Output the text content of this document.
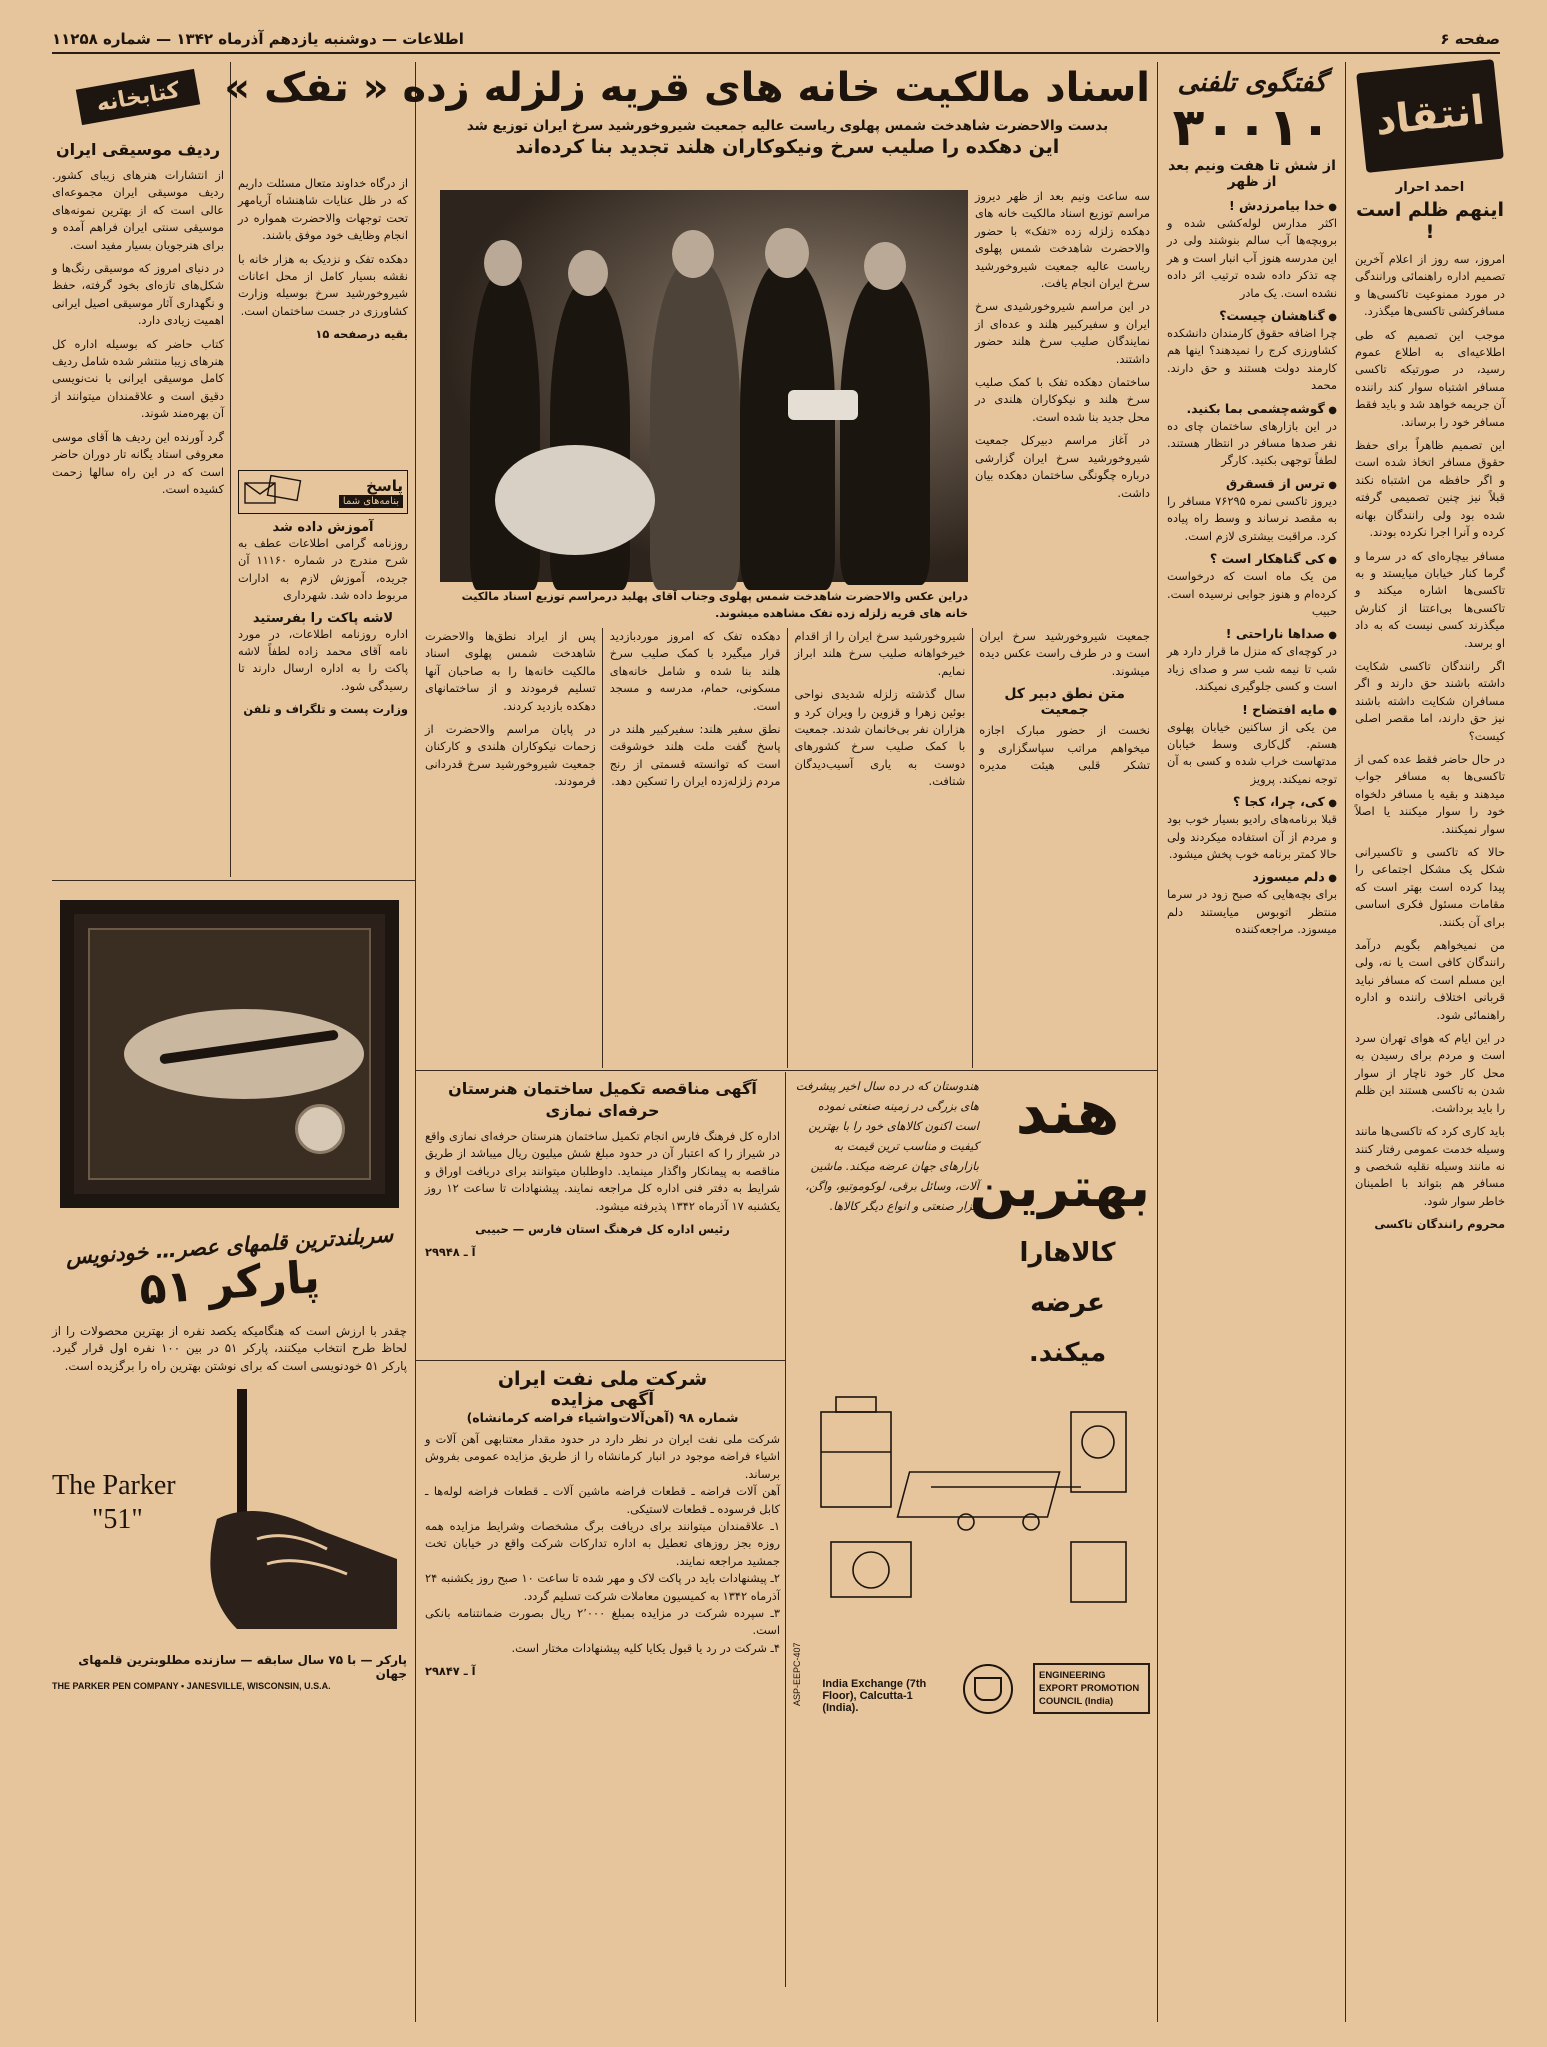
صفحه ۶
اطلاعات — دوشنبه یازدهم آذرماه ۱۳۴۲ — شماره ۱۱۲۵۸
انتقاد
احمد احرار
اینهم ظلم است !

امروز، سه روز از اعلام آخرین تصمیم اداره راهنمائی ورانندگی در مورد ممنوعیت تاکسی‌ها و مسافرکشی تاکسی‌ها میگذرد.

موجب این تصمیم که طی اطلاعیه‌ای به اطلاع عموم رسید، در صورتیکه تاکسی مسافر اشتباه سوار کند راننده آن جریمه خواهد شد و باید فقط مسافر خود را برساند.

این تصمیم ظاهراً برای حفظ حقوق مسافر اتخاذ شده است و اگر حافظه من اشتباه نکند قبلاً نیز چنین تصمیمی گرفته شده بود ولی رانندگان بهانه کرده و آنرا اجرا نکرده بودند.

مسافر بیچاره‌ای که در سرما و گرما کنار خیابان میایستد و به تاکسی‌ها اشاره میکند و تاکسی‌ها بی‌اعتنا از کنارش میگذرند کسی نیست که به داد او برسد.

اگر رانندگان تاکسی شکایت داشته باشند حق دارند و اگر مسافران شکایت داشته باشند نیز حق دارند، اما مقصر اصلی کیست؟

در حال حاضر فقط عده کمی از تاکسی‌ها به مسافر جواب میدهند و بقیه یا مسافر دلخواه خود را سوار میکنند یا اصلاً سوار نمیکنند.

حالا که تاکسی و تاکسیرانی شکل یک مشکل اجتماعی را پیدا کرده است بهتر است که مقامات مسئول فکری اساسی برای آن بکنند.

من نمیخواهم بگویم درآمد رانندگان کافی است یا نه، ولی این مسلم است که مسافر نباید قربانی اختلاف راننده و اداره راهنمائی شود.

در این ایام که هوای تهران سرد است و مردم برای رسیدن به محل کار خود ناچار از سوار شدن به تاکسی هستند این ظلم را باید برداشت.

باید کاری کرد که تاکسی‌ها مانند وسیله خدمت عمومی رفتار کنند نه مانند وسیله نقلیه شخصی و مسافر هم بتواند با اطمینان خاطر سوار شود.

محروم رانندگان تاکسی

گفتگوی تلفنی
۳۰۰۱۰
از شش تا هفت ونیم بعد از ظهر
● خدا بیامرزدش !

اکثر مدارس لوله‌کشی شده و بروبچه‌ها آب سالم بنوشند ولی در این مدرسه هنوز آب انبار است و هر چه تذکر داده شده ترتیب اثر داده نشده است. یک مادر

● گناهشان چیست؟

چرا اضافه حقوق کارمندان دانشکده کشاورزی کرج را نمیدهند؟ اینها هم کارمند دولت هستند و حق دارند. محمد

● گوشه‌چشمی بما بکنید.

در این بازارهای ساختمان چای ده نفر صدها مسافر در انتظار هستند. لطفاً توجهی بکنید. کارگر

● ترس از قسقرق

دیروز تاکسی نمره ۷۶۲۹۵ مسافر را به مقصد نرساند و وسط راه پیاده کرد. مراقبت بیشتری لازم است.

● کی گناهکار است ؟

من یک ماه است که درخواست کرده‌ام و هنوز جوابی نرسیده است. حبیب

● صداها ناراحتی !

در کوچه‌ای که منزل ما قرار دارد هر شب تا نیمه شب سر و صدای زیاد است و کسی جلوگیری نمیکند.

● مایه افتضاح !

من یکی از ساکنین خیابان پهلوی هستم. گل‌کاری وسط خیابان مدتهاست خراب شده و کسی به آن توجه نمیکند. پرویز

● کی، چرا، کجا ؟

قبلا برنامه‌های رادیو بسیار خوب بود و مردم از آن استفاده میکردند ولی حالا کمتر برنامه خوب پخش میشود.

● دلم میسوزد

برای بچه‌هایی که صبح زود در سرما منتظر اتوبوس میایستند دلم میسوزد. مراجعه‌کننده

اسناد مالکیت خانه های قریه زلزله زده « تفک »
بدست والاحضرت شاهدخت شمس پهلوی ریاست عالیه جمعیت شیروخورشید سرخ ایران توزیع شد
این دهکده را صلیب سرخ ونیکوکاران هلند تجدید بنا کرده‌اند

سه ساعت ونیم بعد از ظهر دیروز مراسم توزیع اسناد مالکیت خانه های دهکده زلزله زده «تفک» با حضور والاحضرت شاهدخت شمس پهلوی ریاست عالیه جمعیت شیروخورشید سرخ ایران انجام یافت.

در این مراسم شیروخورشیدی سرخ ایران و سفیرکبیر هلند و عده‌ای از نمایندگان صلیب سرخ هلند حضور داشتند.

ساختمان دهکده تفک با کمک صلیب سرخ هلند و نیکوکاران هلندی در محل جدید بنا شده است.

در آغاز مراسم دبیرکل جمعیت شیروخورشید سرخ ایران گزارشی درباره چگونگی ساختمان دهکده بیان داشت.

دراین عکس والاحضرت شاهدخت شمس پهلوی وجناب آقای پهلبد درمراسم توزیع اسناد مالکیت خانه های قریه زلزله زده تفک مشاهده میشوند.

از درگاه خداوند متعال مسئلت داریم که در ظل عنایات شاهنشاه آریامهر تحت توجهات والاحضرت همواره در انجام وظایف خود موفق باشند.

دهکده تفک و نزدیک به هزار خانه با نقشه بسیار کامل از محل اعانات شیروخورشید سرخ بوسیله وزارت کشاورزی در جست ساختمان است.

بقیه درصفحه ۱۵

جمعیت شیروخورشید سرخ ایران است و در طرف راست عکس دیده میشوند.

متن نطق دبیر کل جمعیت

نخست از حضور مبارک اجازه میخواهم مراتب سپاسگزاری و تشکر قلبی هیئت مدیره شیروخورشید سرخ ایران را از اقدام خیرخواهانه صلیب سرخ هلند ابراز نمایم.

سال گذشته زلزله شدیدی نواحی بوئین زهرا و قزوین را ویران کرد و هزاران نفر بی‌خانمان شدند. جمعیت با کمک صلیب سرخ کشورهای دوست به یاری آسیب‌دیدگان شتافت.

دهکده تفک که امروز موردبازدید قرار میگیرد با کمک صلیب سرخ هلند بنا شده و شامل خانه‌های مسکونی، حمام، مدرسه و مسجد است.

نطق سفیر هلند: سفیرکبیر هلند در پاسخ گفت ملت هلند خوشوقت است که توانسته قسمتی از رنج مردم زلزله‌زده ایران را تسکین دهد.

پس از ایراد نطق‌ها والاحضرت شاهدخت شمس پهلوی اسناد مالکیت خانه‌ها را به صاحبان آنها تسلیم فرمودند و از ساختمانهای دهکده بازدید کردند.

در پایان مراسم والاحضرت از زحمات نیکوکاران هلندی و کارکنان جمعیت شیروخورشید سرخ قدردانی فرمودند.

آگهی مناقصه تکمیل ساختمان هنرستان حرفه‌ای نمازی

اداره کل فرهنگ فارس انجام تکمیل ساختمان هنرستان حرفه‌ای نمازی واقع در شیراز را که اعتبار آن در حدود مبلغ شش میلیون ریال میباشد از طریق مناقصه به پیمانکار واگذار مینماید. داوطلبان میتوانند برای دریافت اوراق و شرایط به دفتر فنی اداره کل مراجعه نمایند. پیشنهادات تا ساعت ۱۲ روز یکشنبه ۱۷ آذرماه ۱۳۴۲ پذیرفته میشود.

رئیس اداره کل فرهنگ استان فارس — حبیبی

آ ـ ۲۹۹۴۸

شرکت ملی نفت ایران
آگهی مزایده
شماره ۹۸ (آهن‌آلات‌واشیاء فراضه کرمانشاه)

شرکت ملی نفت ایران در نظر دارد در حدود مقدار معتنابهی آهن آلات و اشیاء فراضه موجود در انبار کرمانشاه را از طریق مزایده عمومی بفروش برساند.
آهن آلات فراضه ـ قطعات فراضه ماشین آلات ـ قطعات فراضه لوله‌ها ـ کابل فرسوده ـ قطعات لاستیکی.
۱ـ علاقمندان میتوانند برای دریافت برگ مشخصات وشرایط مزایده همه روزه بجز روزهای تعطیل به اداره تدارکات شرکت واقع در خیابان تخت جمشید مراجعه نمایند.
۲ـ پیشنهادات باید در پاکت لاک و مهر شده تا ساعت ۱۰ صبح روز یکشنبه ۲۴ آذرماه ۱۳۴۲ به کمیسیون معاملات شرکت تسلیم گردد.
۳ـ سپرده شرکت در مزایده بمبلغ ۲٬۰۰۰ ریال بصورت ضمانتنامه بانکی است.
۴ـ شرکت در رد یا قبول یکایا کلیه پیشنهادات مختار است.

آ ـ ۲۹۸۴۷

هند
بهترین
کالاهارا
عرضه
میکند.
هندوستان که در ده سال اخیر پیشرفت های بزرگی در زمینه صنعتی نموده است اکنون کالاهای خود را با بهترین کیفیت و مناسب ترین قیمت به بازارهای جهان عرضه میکند. ماشین آلات، وسائل برقی، لوکوموتیو، واگن، ابزار صنعتی و انواع دیگر کالاها.
ASP-EEPC-407 India Exchange (7th Floor), Calcutta-1 (India).
ENGINEERING EXPORT PROMOTION COUNCIL (India)
کتابخانه
ردیف موسیقی ایران

از انتشارات هنرهای زیبای کشور. ردیف موسیقی ایران مجموعه‌ای عالی است که از بهترین نمونه‌های موسیقی سنتی ایران فراهم آمده و برای هنرجویان بسیار مفید است.

در دنیای امروز که موسیقی رنگ‌ها و شکل‌های تازه‌ای بخود گرفته، حفظ و نگهداری آثار موسیقی اصیل ایرانی اهمیت زیادی دارد.

کتاب حاضر که بوسیله اداره کل هنرهای زیبا منتشر شده شامل ردیف کامل موسیقی ایرانی با نت‌نویسی دقیق است و علاقمندان میتوانند از آن بهره‌مند شوند.

گرد آورنده این ردیف ها آقای موسی معروفی استاد یگانه تار دوران حاضر است که در این راه سالها زحمت کشیده است.	پاسخ
بنامه‌های شما
آموزش داده شد

روزنامه گرامی اطلاعات عطف به شرح مندرج در شماره ۱۱۱۶۰ آن جریده، آموزش لازم به ادارات مربوط داده شد. شهرداری

لاشه پاکت را بفرستید

اداره روزنامه اطلاعات، در مورد نامه آقای محمد زاده لطفاً لاشه پاکت را به اداره ارسال دارند تا رسیدگی شود.

وزارت پست و تلگراف و تلفن

سربلندترین قلمهای عصر… خودنویس
پارکر ۵۱

چقدر با ارزش است که هنگامیکه یکصد نفره از بهترین محصولات را از لحاظ طرح انتخاب میکنند، پارکر ۵۱ در بین ۱۰۰ نفره اول قرار گیرد. پارکر ۵۱ خودنویسی است که برای نوشتن بهترین راه را برگزیده است.

The Parker
"51"
پارکر — با ۷۵ سال سابقه — سازنده مطلوبترین قلمهای جهان
THE PARKER PEN COMPANY • JANESVILLE, WISCONSIN, U.S.A.
